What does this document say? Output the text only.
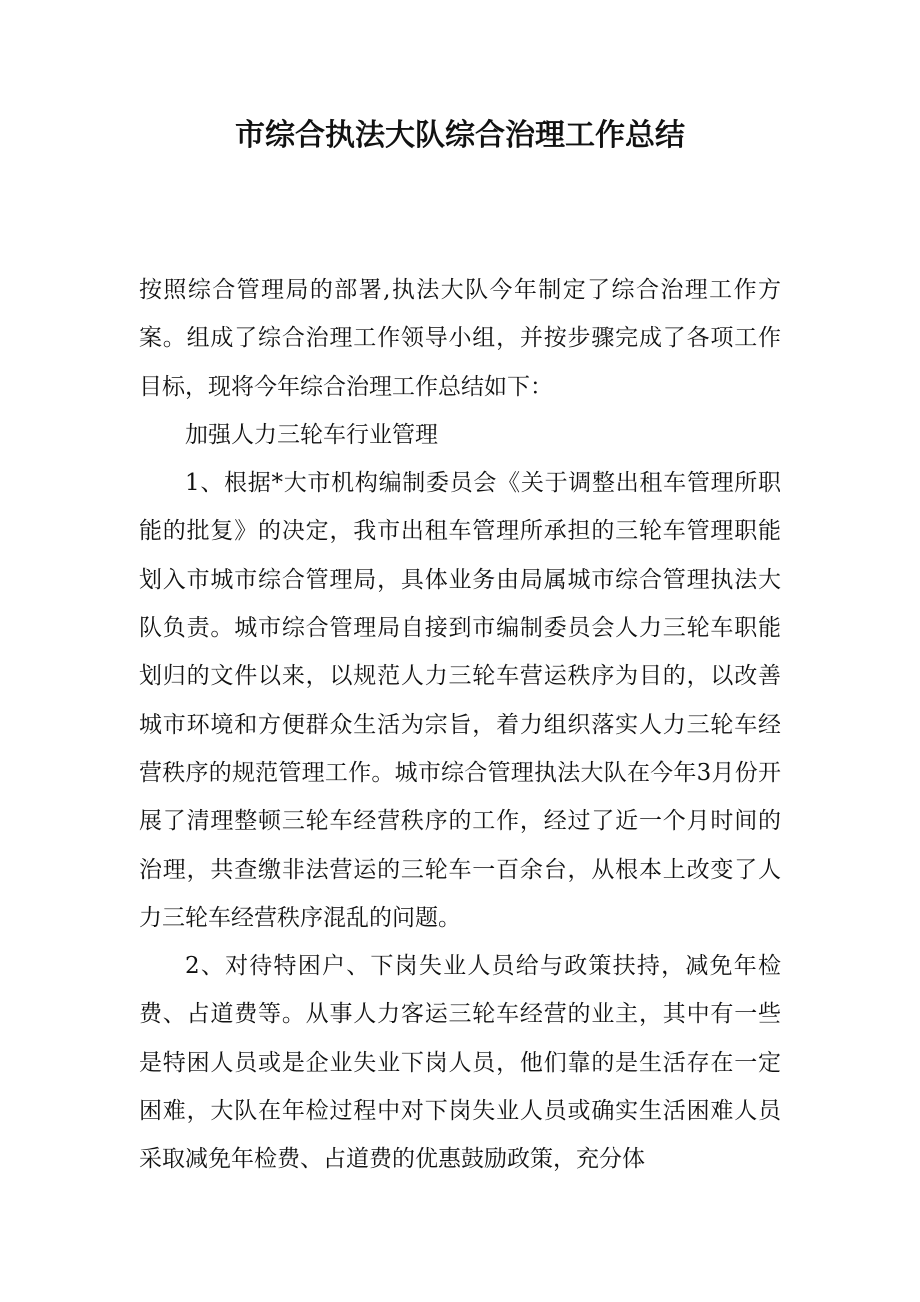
市综合执法大队综合治理工作总结

按照综合管理局的部署,执法大队今年制定了综合治理工作方案。组成了综合治理工作领导小组，并按步骤完成了各项工作目标，现将今年综合治理工作总结如下：

加强人力三轮车行业管理

1、根据*大市机构编制委员会《关于调整出租车管理所职能的批复》的决定，我市出租车管理所承担的三轮车管理职能划入市城市综合管理局，具体业务由局属城市综合管理执法大队负责。城市综合管理局自接到市编制委员会人力三轮车职能划归的文件以来，以规范人力三轮车营运秩序为目的，以改善城市环境和方便群众生活为宗旨，着力组织落实人力三轮车经营秩序的规范管理工作。城市综合管理执法大队在今年3月份开展了清理整顿三轮车经营秩序的工作，经过了近一个月时间的治理，共查缴非法营运的三轮车一百余台，从根本上改变了人力三轮车经营秩序混乱的问题。

2、对待特困户、下岗失业人员给与政策扶持，减免年检费、占道费等。从事人力客运三轮车经营的业主，其中有一些是特困人员或是企业失业下岗人员，他们靠的是生活存在一定困难，大队在年检过程中对下岗失业人员或确实生活困难人员采取减免年检费、占道费的优惠鼓励政策，充分体
